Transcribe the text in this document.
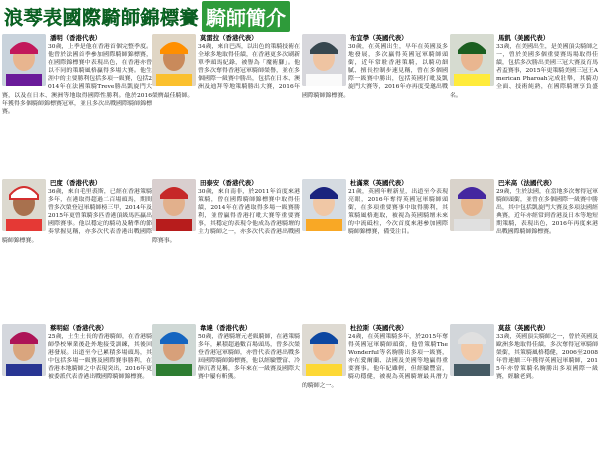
浪琴表國際騎師錦標賽 騎師簡介
潘明（香港代表）

30歲，上季是他在香港首個完整季度。他曾於法國首季參加國際騎師錦標賽，在國際錦標賽中表現出色，在香港亦曾以不同的策騎風格贏得多場大賽。他生涯中的主要勝利包括多項一級賽，包括2014年在法國策騎Treve勝出凱旋門大賽，以及在日本、澳洲等地取得國際性勝利。他於2016年獲得多個騎師錦標賽冠軍，並且多次出戰國際騎師錦標賽。

巴度（香港代表）

36歲，來自毛里裘斯，已經在香港策騎多年，在港取得超過二百場頭馬，期間曾多次榮登冠軍騎師榜三甲，2014年及2015年更曾策騎多匹香港頂級馬匹贏出國際賽事。他以穩定的騎功及精準的節奏掌握見稱，亦多次代表香港出戰國際騎師錦標賽。

蔡明紹（香港代表）

25歲，土生土長的香港騎師，在香港騎師學校畢業後赴外地接受訓練，其後回港發展。出道至今已累積多場頭馬，其中包括多場一級賽及國際賽事勝利，在香港本地騎師之中表現突出，2016年更被委派代表香港出戰國際騎師錦標賽。

莫雷拉（香港代表）

34歲，來自巴西，以出色的策騎技術在全球多地取得佳績，在香港更多次刷新單季頭馬紀錄，被譽為「魔術腳」。他曾多次奪得香港冠軍騎師榮譽，並在多個國際一級賽中勝出，包括在日本、澳洲及迪拜等地策騎勝出大賽，2016年榮膺最佳騎師。

田泰安（香港代表）

30歲，來自南非，於2011年首度來港策騎，曾在國際騎師錦標賽中取得佳績，2014年在香港取得多場一級賽勝利，並曾贏得香港打吡大賽等重要賽事，其穩定的表現令他成為香港騎壇的主力騎師之一，亦多次代表香港出戰國際賽事。

韋達（香港代表）

50歲，香港騎壇元老級騎師，在港策騎多年，累積超過數百場頭馬，曾多次榮登香港冠軍騎師，亦曾代表香港出戰多屆國際騎師錦標賽，他以經驗豐富、冷靜沉著見稱，多年來在一級賽及國際大賽中屢有斬獲。

布宜學（英國代表）

30歲，在英國出生，早年在英國及多地發展，多次贏得英國冠軍騎師頭銜，近年常駐香港策騎，以騎功細膩、擅長控制步速見稱，曾在多個國際一級賽中勝出，包括英國打吡及凱旋門大賽等，2016年亦再度受邀出戰國際騎師錦標賽。

杜滿萊（英國代表）

21歲，英國年輕新星，出道至今表現亮眼，2016年奪得英國冠軍騎師頭銜，在多項重要賽事中取得勝利，其策騎風格進取，被視為英國騎壇未來的中流砥柱，今次首度來港參加國際騎師錦標賽，備受注目。

杜拉斯（英國代表）

24歲，在英國策騎多年，於2015年奪得英國冠軍騎師頭銜，他曾策騎The Wonderful等名駒勝出多項一級賽，亦在愛爾蘭、法國及美國等地贏得重要賽事。他年紀雖輕，但經驗豐富，騎功穩健，被視為英國騎壇最具潛力的騎師之一。

馬凱（美國代表）

33歲，在美國出生，是美國頂尖騎師之一，曾於美國多個重要賽馬場取得佳績，包括多次勝出美國三冠大賽及育馬者盃賽事，2015年更策騎美國三冠王American Pharoah完成壯舉，其騎功全面、技術純熟，在國際騎壇享負盛名。

巴米高（法國代表）

29歲，生於法國，在當地多次奪得冠軍騎師頭銜，並曾在多個國際一級賽中勝出，其中包括凱旋門大賽及多項法國經典賽，近年亦經常到香港及日本等地短期策騎，表現出色，2016年再度來港出戰國際騎師錦標賽。

莫茲（英國代表）

33歲，英國頂尖騎師之一，曾於英國及歐洲多地取得佳績，多次奪得冠軍騎師榮銜，其策騎風格穩健，2006至2008年曾連續三年獲得英國冠軍騎師，2015年亦曾策騎名駒勝出多項國際一級賽，經驗老到。
